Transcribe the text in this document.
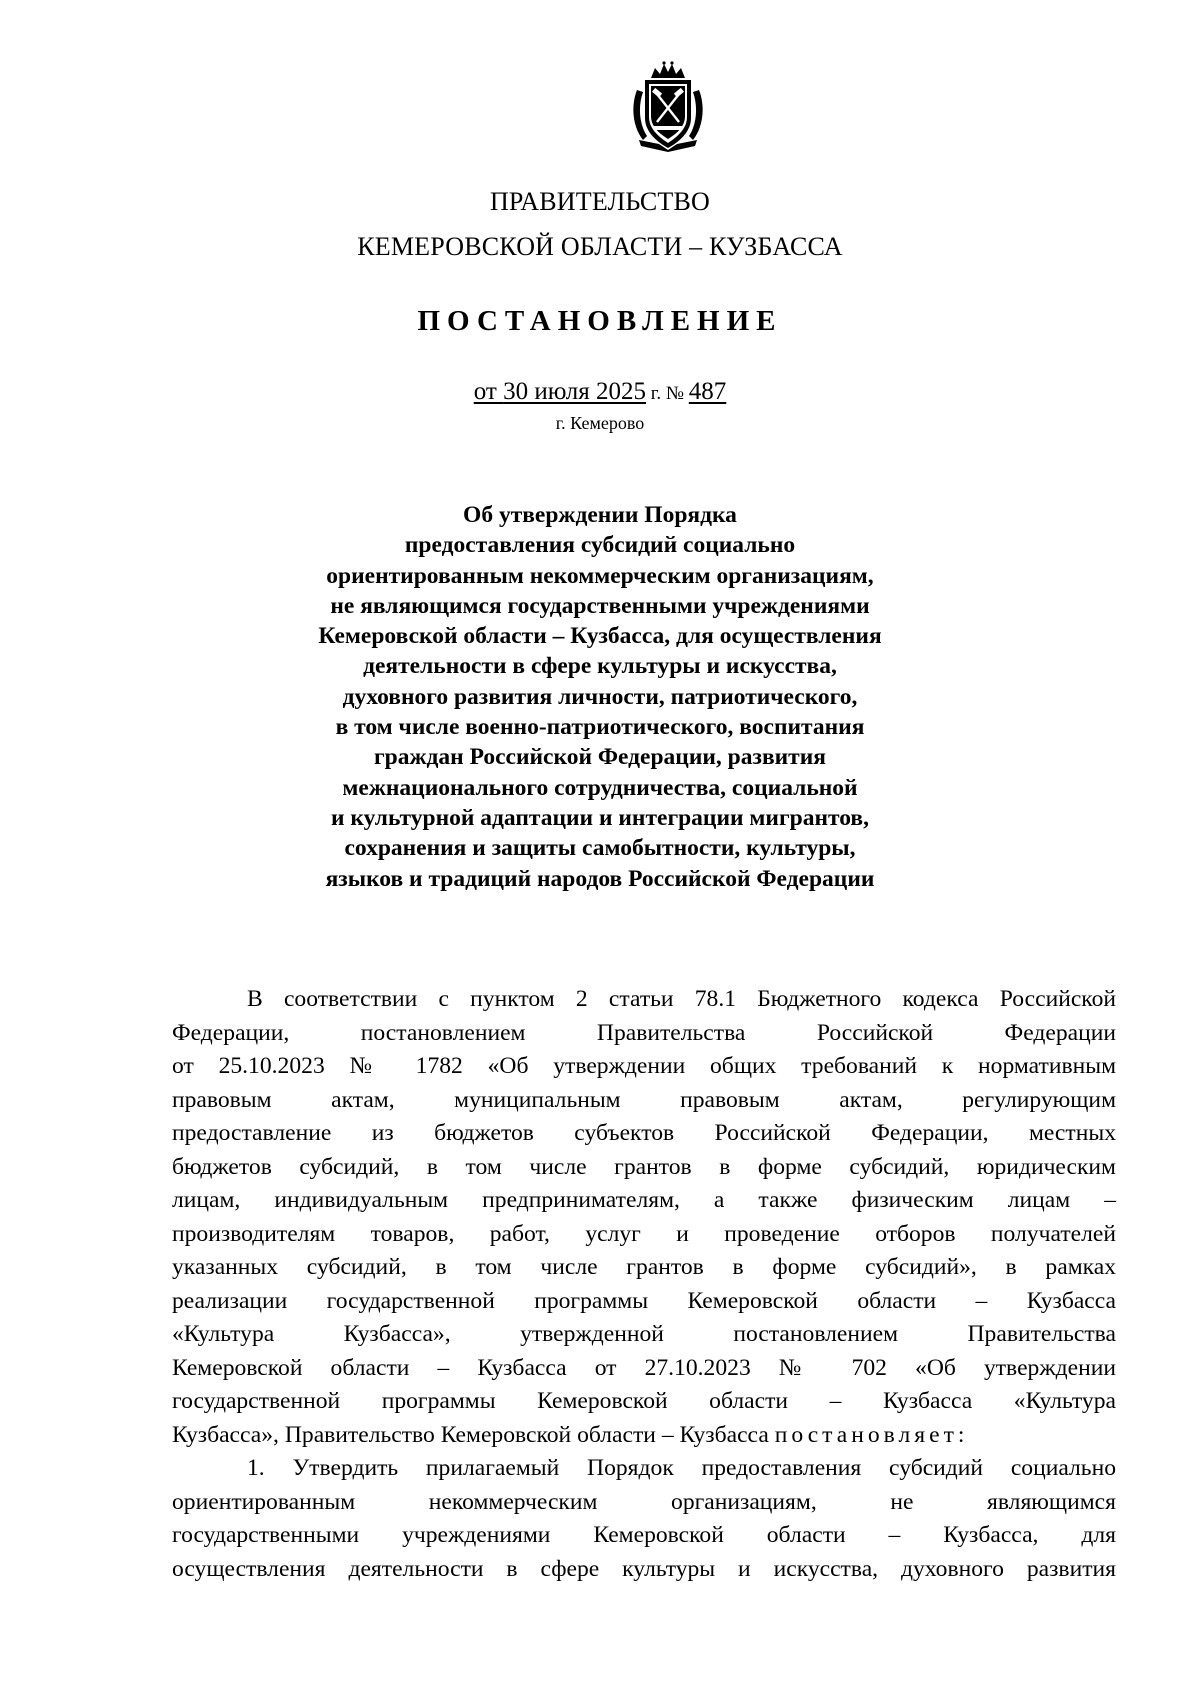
ПРАВИТЕЛЬСТВО
КЕМЕРОВСКОЙ ОБЛАСТИ – КУЗБАССА
ПОСТАНОВЛЕНИЕ
от 30 июля 2025 г. № 487
г. Кемерово
Об утверждении Порядка
предоставления субсидий социально
ориентированным некоммерческим организациям,
не являющимся государственными учреждениями
Кемеровской области – Кузбасса, для осуществления
деятельности в сфере культуры и искусства,
духовного развития личности, патриотического,
в том числе военно-патриотического, воспитания
граждан Российской Федерации, развития
межнационального сотрудничества, социальной
и культурной адаптации и интеграции мигрантов,
сохранения и защиты самобытности, культуры,
языков и традиций народов Российской Федерации
В соответствии с пунктом 2 статьи 78.1 Бюджетного кодекса Российской
Федерации, постановлением Правительства Российской Федерации
от 25.10.2023 № 1782 «Об утверждении общих требований к нормативным
правовым актам, муниципальным правовым актам, регулирующим
предоставление из бюджетов субъектов Российской Федерации, местных
бюджетов субсидий, в том числе грантов в форме субсидий, юридическим
лицам, индивидуальным предпринимателям, а также физическим лицам –
производителям товаров, работ, услуг и проведение отборов получателей
указанных субсидий, в том числе грантов в форме субсидий», в рамках
реализации государственной программы Кемеровской области – Кузбасса
«Культура Кузбасса», утвержденной постановлением Правительства
Кемеровской области – Кузбасса от 27.10.2023 № 702 «Об утверждении
государственной программы Кемеровской области – Кузбасса «Культура
Кузбасса», Правительство Кемеровской области – Кузбасса постановляет:
1. Утвердить прилагаемый Порядок предоставления субсидий социально
ориентированным некоммерческим организациям, не являющимся
государственными учреждениями Кемеровской области – Кузбасса, для
осуществления деятельности в сфере культуры и искусства, духовного развития
